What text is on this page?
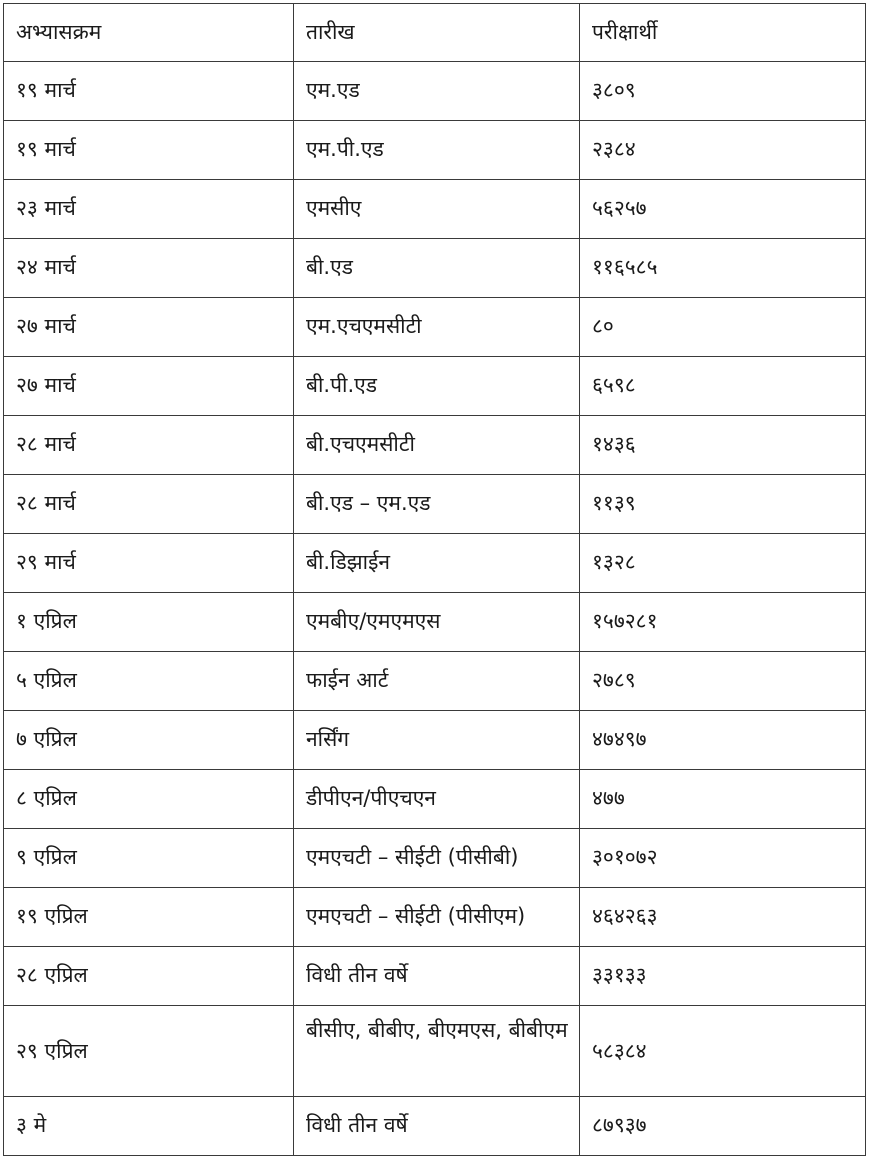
अभ्यासक्रम	तारीख	परीक्षार्थी
१९ मार्च	एम.एड	३८०९
१९ मार्च	एम.पी.एड	२३८४
२३ मार्च	एमसीए	५६२५७
२४ मार्च	बी.एड	११६५८५
२७ मार्च	एम.एचएमसीटी	८०
२७ मार्च	बी.पी.एड	६५९८
२८ मार्च	बी.एचएमसीटी	१४३६
२८ मार्च	बी.एड – एम.एड	११३९
२९ मार्च	बी.डिझाईन	१३२८
१ एप्रिल	एमबीए/एमएमएस	१५७२८१
५ एप्रिल	फाईन आर्ट	२७८९
७ एप्रिल	नर्सिंग	४७४९७
८ एप्रिल	डीपीएन/पीएचएन	४७७
९ एप्रिल	एमएचटी – सीईटी (पीसीबी)	३०१०७२
१९ एप्रिल	एमएचटी – सीईटी (पीसीएम)	४६४२६३
२८ एप्रिल	विधी तीन वर्षे	३३१३३
२९ एप्रिल	बीसीए, बीबीए, बीएमएस, बीबीएम	५८३८४
३ मे	विधी तीन वर्षे	८७९३७
